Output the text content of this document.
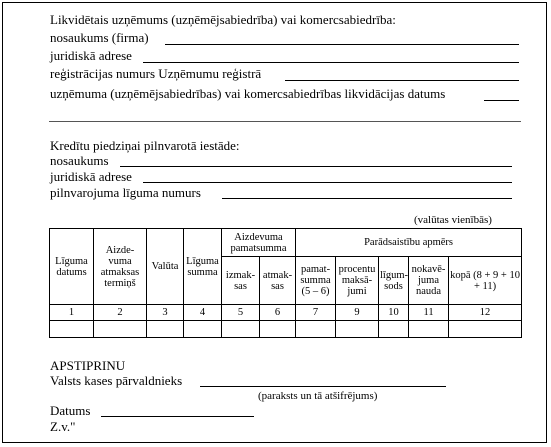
Likvidētais uzņēmums (uzņēmējsabiedrība) vai komercsabiedrība:
nosaukums (firma)
juridiskā adrese
reģistrācijas numurs Uzņēmumu reģistrā
uzņēmuma (uzņēmējsabiedrības) vai komercsabiedrības likvidācijas datums
Kredītu piedziņai pilnvarotā iestāde:
nosaukums
juridiskā adrese
pilnvarojuma līguma numurs
(valūtas vienībās)
Līguma datums	Aizde-vuma atmaksas termiņš	Valūta	Līguma summa	Aizdevuma pamatsumma		Parādsaistību apmērs				
				izmak-sas	atmak-sas	pamat-summa (5 – 6)	procentu maksā-jumi	līgum-sods	nokavē-juma nauda	kopā (8 + 9 + 10 + 11)
1	2	3	4	5	6	7	9	10	11	12

APSTIPRINU
Valsts kases pārvaldnieks
(paraksts un tā atšifrējums)
Datums
Z.v."
